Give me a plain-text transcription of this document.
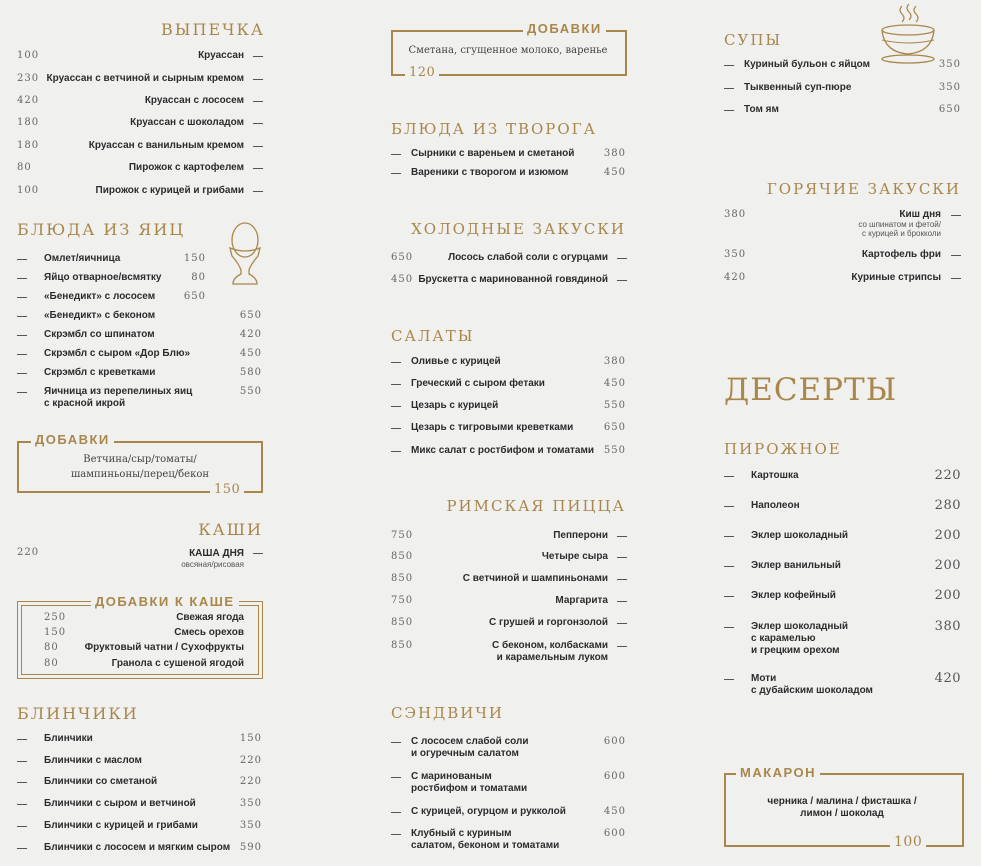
ВЫПЕЧКА
100	Круассан
230 Круассан с ветчиной и сырным кремом
420	Круассан с лососем
180	Круассан с шоколадом
180	Круассан с ванильным кремом
80	Пирожок с картофелем
100	Пирожок с курицей и грибами
БЛЮДА ИЗ ЯИЦ
Омлет/яичница	150
Яйцо отварное/всмятку	80
«Бенедикт» с лососем	650
«Бенедикт» с беконом	650
Скрэмбл со шпинатом	420
Скрэмбл с сыром «Дор Блю»	450
Скрэмбл с креветками	580
Яичница из перепелиных яиц
с красной икрой
550
ДОБАВКИ
Ветчина/сыр/томаты/
шампиньоны/перец/бекон
150
КАШИ
220	КАША ДНЯ
овсяная/рисовая
ДОБАВКИ К КАШЕ
250	Свежая ягода
150	Смесь орехов
80	Фруктовый чатни / Сухофрукты
80	Гранола с сушеной ягодой
БЛИНЧИКИ
Блинчики	150
Блинчики с маслом	220
Блинчики со сметаной	220
Блинчики с сыром и ветчиной	350
Блинчики с курицей и грибами	350
Блинчики с лососем и мягким сыром 590
ДОБАВКИ
Сметана, сгущенное молоко, варенье
120
БЛЮДА ИЗ ТВОРОГА
Сырники с вареньем и сметаной	380
Вареники с творогом и изюмом	450
ХОЛОДНЫЕ ЗАКУСКИ
650	Лосось слабой соли с огурцами
450 Брускетта с маринованной говядиной
САЛАТЫ
Оливье с курицей	380
Греческий с сыром фетаки	450
Цезарь с курицей	550
Цезарь с тигровыми креветками	650
Микс салат с ростбифом и томатами 550
РИМСКАЯ ПИЦЦА
750	Пепперони
850	Четыре сыра
850	С ветчиной и шампиньонами
750	Маргарита
850	С грушей и горгонзолой
850	С беконом, колбасками
и карамельным луком
СЭНДВИЧИ
С лососем слабой соли
и огуречным салатом
600
С маринованым
ростбифом и томатами
600
С курицей, огурцом и рукколой	450
Клубный с куриным
салатом, беконом и томатами
600
СУПЫ
Куриный бульон с яйцом	350
Тыквенный суп-пюре	350
Том ям	650
ГОРЯЧИЕ ЗАКУСКИ
380	Киш дня
со шпинатом и фетой/
с курицей и брокколи
350	Картофель фри
420	Куриные стрипсы
ДЕСЕРТЫ
ПИРОЖНОЕ
Картошка	220
Наполеон	280
Эклер шоколадный	200
Эклер ванильный	200
Эклер кофейный	200
Эклер шоколадный
с карамелью
и грецким орехом
380
Моти
с дубайским шоколадом
420
МАКАРОН
черника / малина / фисташка /
лимон / шоколад
100
